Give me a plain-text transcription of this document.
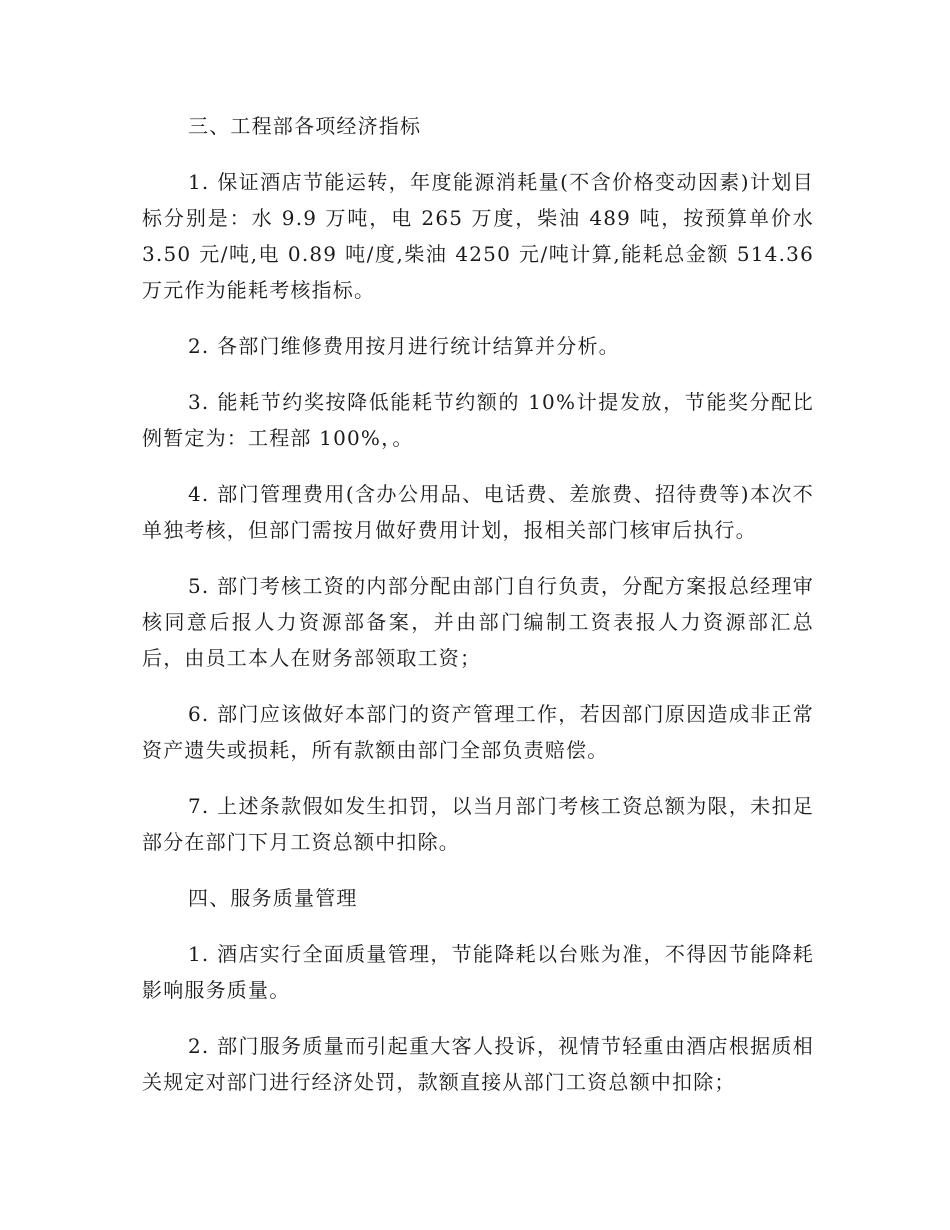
三、工程部各项经济指标

1. 保证酒店节能运转，年度能源消耗量(不含价格变动因素)计划目标分别是：水 9.9 万吨，电 265 万度，柴油 489 吨，按预算单价水 3.50 元/吨,电 0.89 吨/度,柴油 4250 元/吨计算,能耗总金额 514.36 万元作为能耗考核指标。

2. 各部门维修费用按月进行统计结算并分析。

3. 能耗节约奖按降低能耗节约额的 10%计提发放，节能奖分配比例暂定为：工程部 100%，。

4. 部门管理费用(含办公用品、电话费、差旅费、招待费等)本次不单独考核，但部门需按月做好费用计划，报相关部门核审后执行。

5. 部门考核工资的内部分配由部门自行负责，分配方案报总经理审核同意后报人力资源部备案，并由部门编制工资表报人力资源部汇总后，由员工本人在财务部领取工资；

6. 部门应该做好本部门的资产管理工作，若因部门原因造成非正常资产遗失或损耗，所有款额由部门全部负责赔偿。

7. 上述条款假如发生扣罚，以当月部门考核工资总额为限，未扣足部分在部门下月工资总额中扣除。

四、服务质量管理

1. 酒店实行全面质量管理，节能降耗以台账为准，不得因节能降耗影响服务质量。

2. 部门服务质量而引起重大客人投诉，视情节轻重由酒店根据质相关规定对部门进行经济处罚，款额直接从部门工资总额中扣除；
